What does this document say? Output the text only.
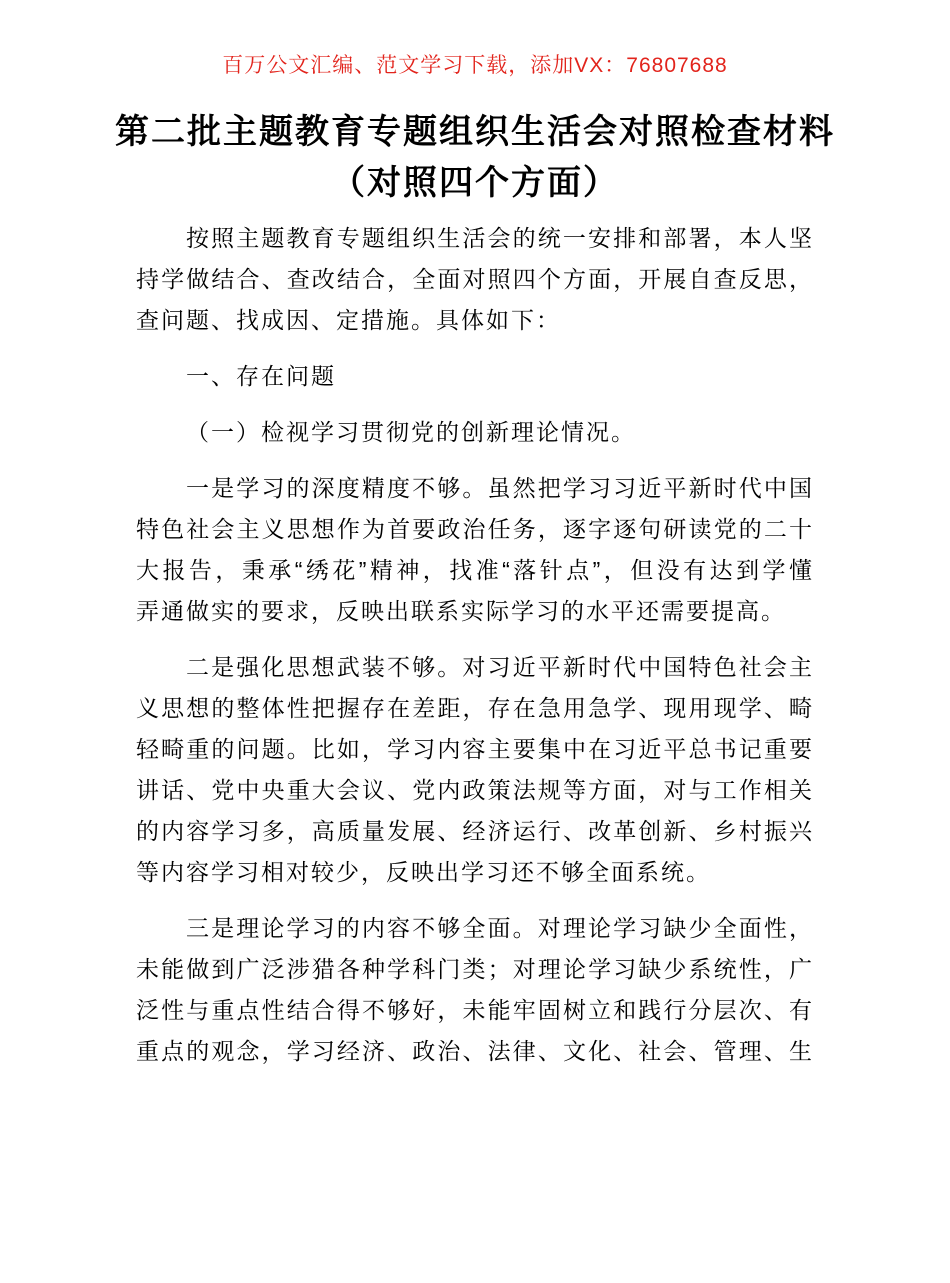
百万公文汇编、范文学习下载，添加VX：76807688
第二批主题教育专题组织生活会对照检查材料
（对照四个方面）
按照主题教育专题组织生活会的统一安排和部署，本人坚
持学做结合、查改结合，全面对照四个方面，开展自查反思，
查问题、找成因、定措施。具体如下：
一、存在问题
（一）检视学习贯彻党的创新理论情况。
一是学习的深度精度不够。虽然把学习习近平新时代中国
特色社会主义思想作为首要政治任务，逐字逐句研读党的二十
大报告，秉承“绣花”精神，找准“落针点”，但没有达到学懂
弄通做实的要求，反映出联系实际学习的水平还需要提高。
二是强化思想武装不够。对习近平新时代中国特色社会主
义思想的整体性把握存在差距，存在急用急学、现用现学、畸
轻畸重的问题。比如，学习内容主要集中在习近平总书记重要
讲话、党中央重大会议、党内政策法规等方面，对与工作相关
的内容学习多，高质量发展、经济运行、改革创新、乡村振兴
等内容学习相对较少，反映出学习还不够全面系统。
三是理论学习的内容不够全面。对理论学习缺少全面性，
未能做到广泛涉猎各种学科门类；对理论学习缺少系统性，广
泛性与重点性结合得不够好，未能牢固树立和践行分层次、有
重点的观念，学习经济、政治、法律、文化、社会、管理、生
